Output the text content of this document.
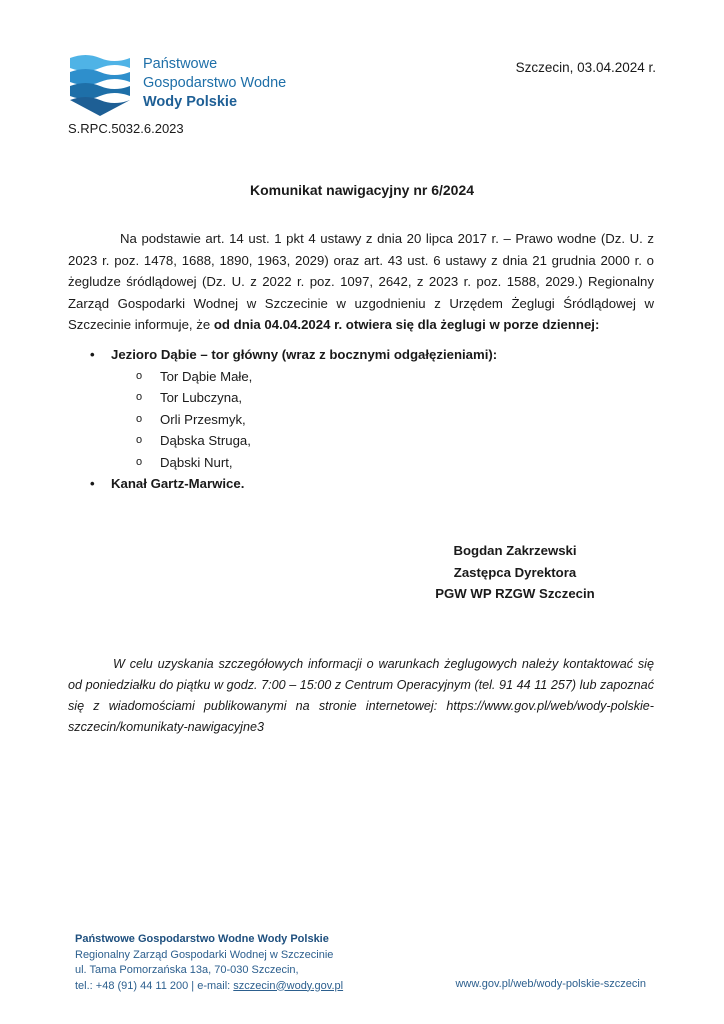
Państwowe
Gospodarstwo Wodne
Wody Polskie
Szczecin, 03.04.2024 r.
S.RPC.5032.6.2023
Komunikat nawigacyjny nr 6/2024
Na podstawie art. 14 ust. 1 pkt 4 ustawy z dnia 20 lipca 2017 r. – Prawo wodne (Dz. U. z 2023 r. poz. 1478, 1688, 1890, 1963, 2029) oraz art. 43 ust. 6 ustawy z dnia 21 grudnia 2000 r. o żegludze śródlądowej (Dz. U. z 2022 r. poz. 1097, 2642, z 2023 r. poz. 1588, 2029.) Regionalny Zarząd Gospodarki Wodnej w Szczecinie w uzgodnieniu z Urzędem Żeglugi Śródlądowej w Szczecinie informuje, że od dnia 04.04.2024 r. otwiera się dla żeglugi w porze dziennej:
• Jezioro Dąbie – tor główny (wraz z bocznymi odgałęzieniami):
o Tor Dąbie Małe,
o Tor Lubczyna,
o Orli Przesmyk,
o Dąbska Struga,
o Dąbski Nurt,
• Kanał Gartz-Marwice.
Bogdan Zakrzewski
Zastępca Dyrektora
PGW WP RZGW Szczecin
W celu uzyskania szczegółowych informacji o warunkach żeglugowych należy kontaktować się od poniedziałku do piątku w godz. 7:00 – 15:00 z Centrum Operacyjnym (tel. 91 44 11 257) lub zapoznać się z wiadomościami publikowanymi na stronie internetowej: https://www.gov.pl/web/wody-polskie-szczecin/komunikaty-nawigacyjne3
Państwowe Gospodarstwo Wodne Wody Polskie
Regionalny Zarząd Gospodarki Wodnej w Szczecinie
ul. Tama Pomorzańska 13a, 70-030 Szczecin,
tel.: +48 (91) 44 11 200 | e-mail: szczecin@wody.gov.pl	www.gov.pl/web/wody-polskie-szczecin
